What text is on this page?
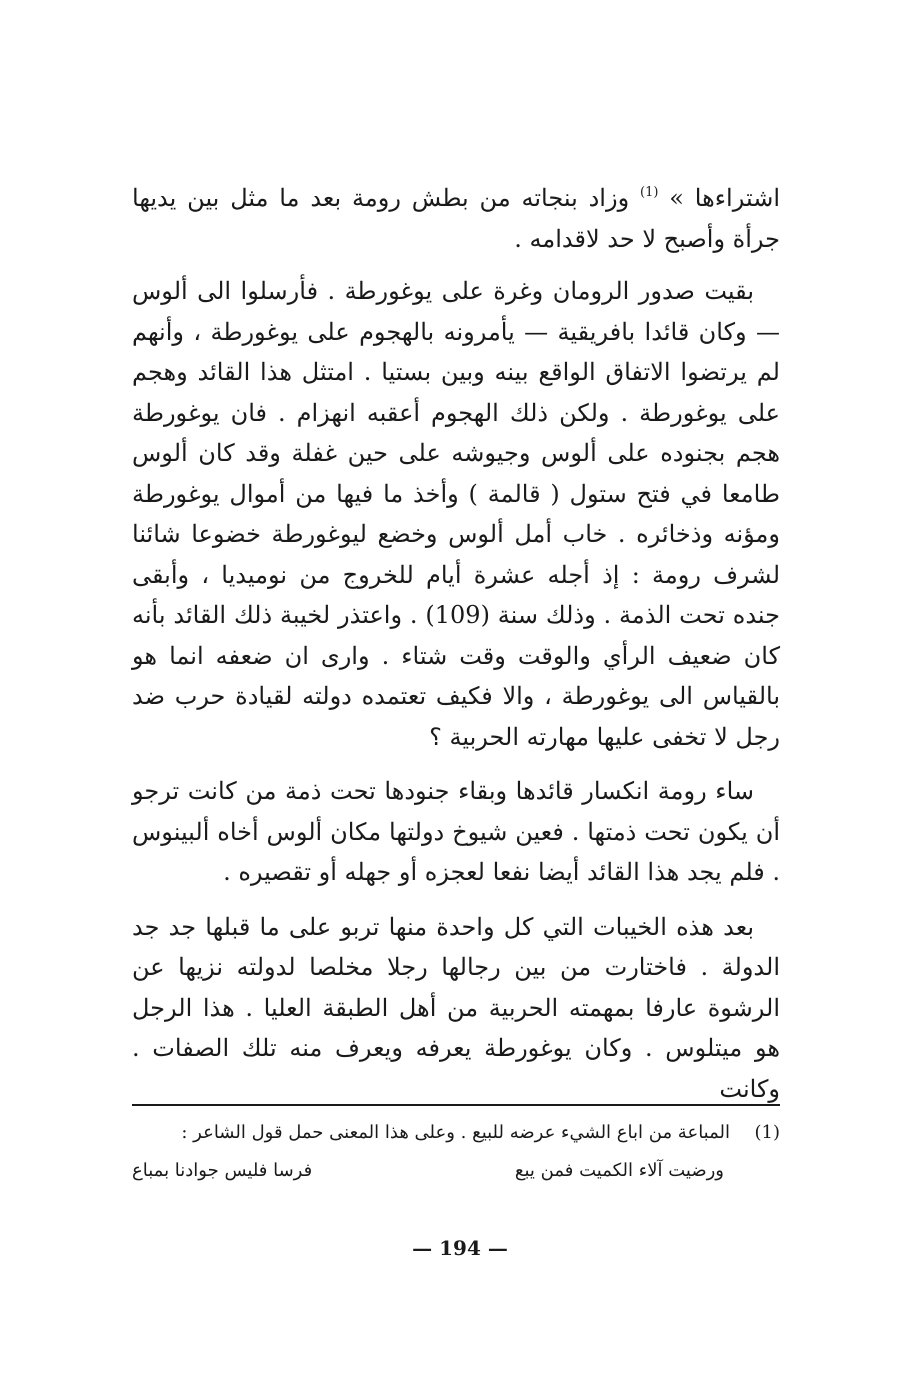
اشتراءها » $^{(1)}$ وزاد بنجاته من بطش رومة بعد ما مثل بين يديها جرأة وأصبح لا حد لاقدامه .

بقيت صدور الرومان وغرة على يوغورطة . فأرسلوا الى ألوس — وكان قائدا بافريقية — يأمرونه بالهجوم على يوغورطة ، وأنهم لم يرتضوا الاتفاق الواقع بينه وبين بستيا . امتثل هذا القائد وهجم على يوغورطة . ولكن ذلك الهجوم أعقبه انهزام . فان يوغورطة هجم بجنوده على ألوس وجيوشه على حين غفلة وقد كان ألوس طامعا في فتح ستول ( قالمة ) وأخذ ما فيها من أموال يوغورطة ومؤنه وذخائره . خاب أمل ألوس وخضع ليوغورطة خضوعا شائنا لشرف رومة : إذ أجله عشرة أيام للخروج من نوميديا ، وأبقى جنده تحت الذمة . وذلك سنة (109) . واعتذر لخيبة ذلك القائد بأنه كان ضعيف الرأي والوقت وقت شتاء . وارى ان ضعفه انما هو بالقياس الى يوغورطة ، والا فكيف تعتمده دولته لقيادة حرب ضد رجل لا تخفى عليها مهارته الحربية ؟

ساء رومة انكسار قائدها وبقاء جنودها تحت ذمة من كانت ترجو أن يكون تحت ذمتها . فعين شيوخ دولتها مكان ألوس أخاه ألبينوس . فلم يجد هذا القائد أيضا نفعا لعجزه أو جهله أو تقصيره .

بعد هذه الخيبات التي كل واحدة منها تربو على ما قبلها جد جد الدولة . فاختارت من بين رجالها رجلا مخلصا لدولته نزيها عن الرشوة عارفا بمهمته الحربية من أهل الطبقة العليا . هذا الرجل هو ميتلوس . وكان يوغورطة يعرفه ويعرف منه تلك الصفات . وكانت

(1)
المباعة من اباع الشيء عرضه للبيع . وعلى هذا المعنى حمل قول الشاعر :
ورضيت آلاء الكميت فمن يبع
فرسا فليس جوادنا بمباع
— 194 —
